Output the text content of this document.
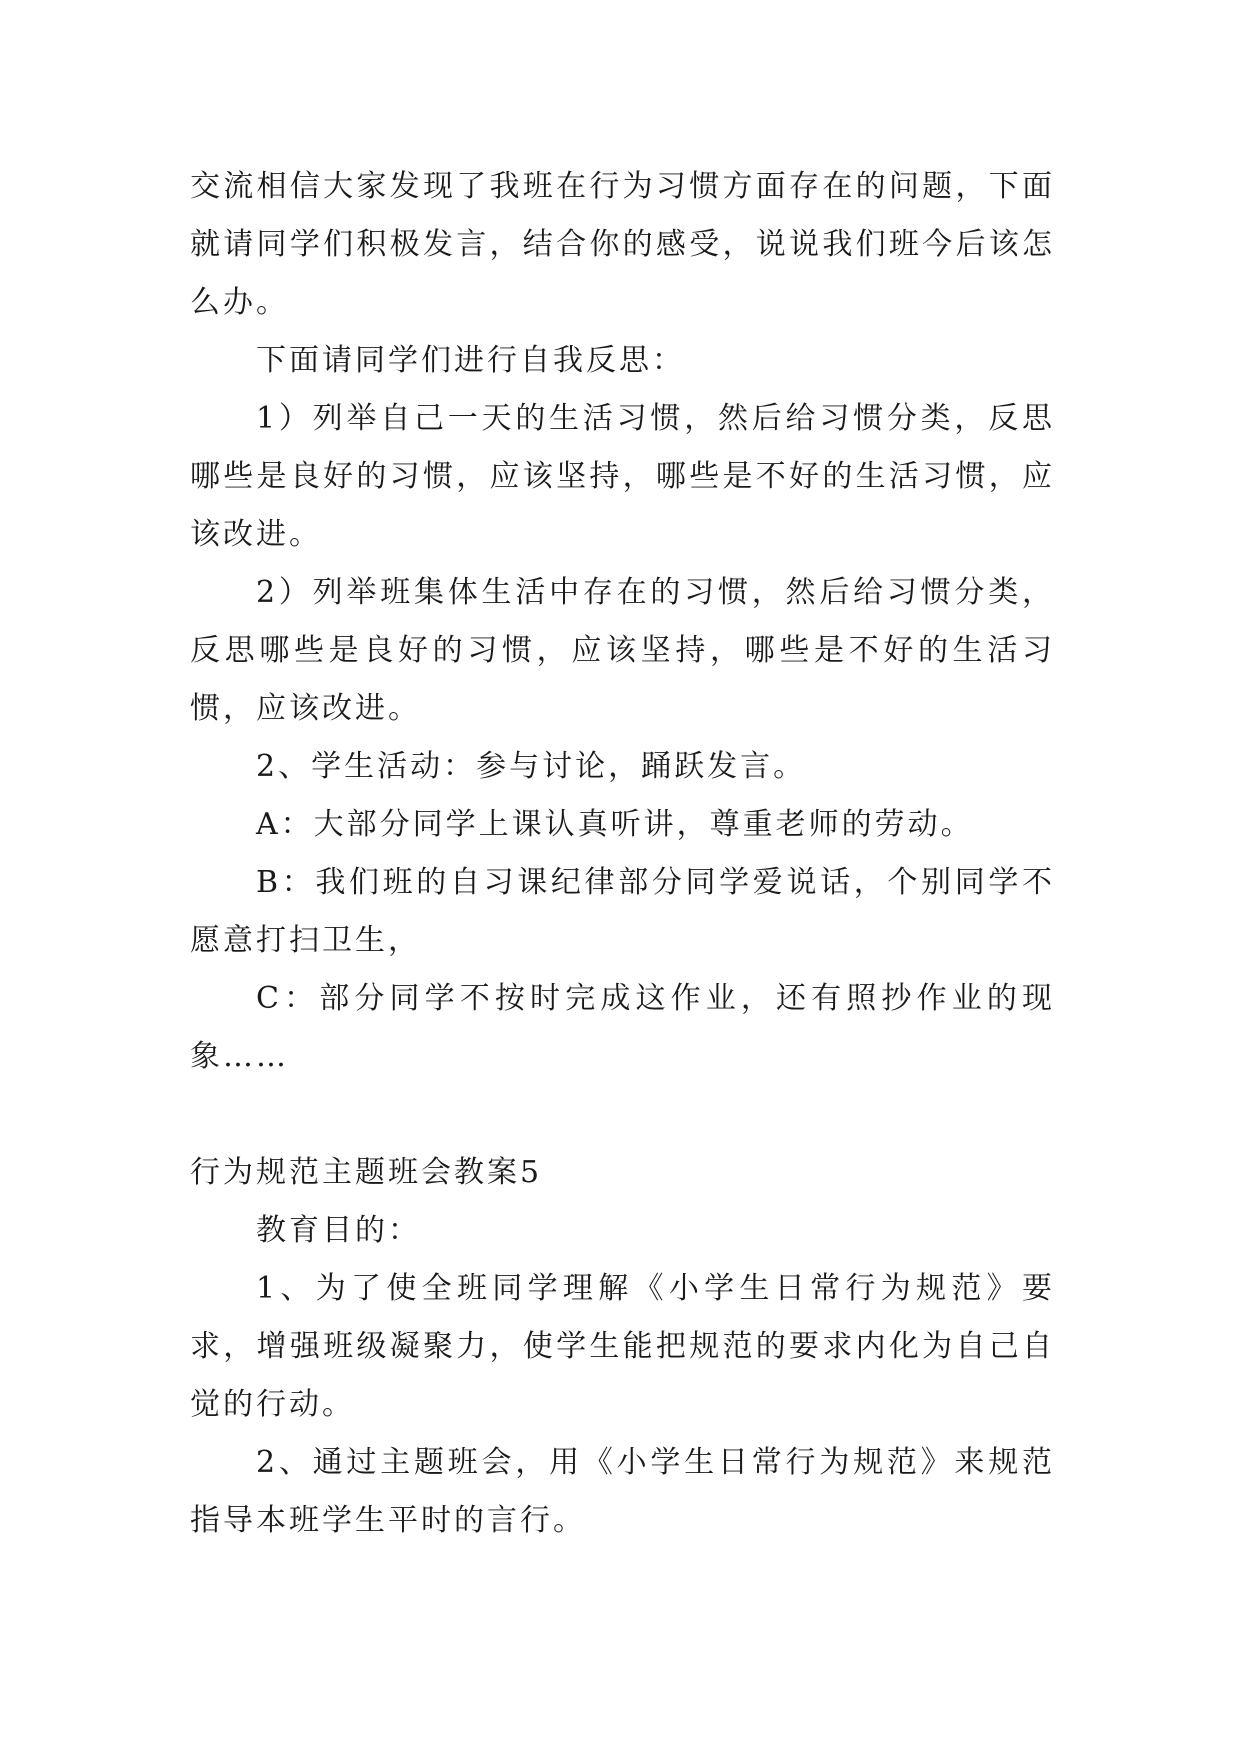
交流相信大家发现了我班在行为习惯方面存在的问题，下面就请同学们积极发言，结合你的感受，说说我们班今后该怎么办。

下面请同学们进行自我反思：

1）列举自己一天的生活习惯，然后给习惯分类，反思哪些是良好的习惯，应该坚持，哪些是不好的生活习惯，应该改进。

2）列举班集体生活中存在的习惯，然后给习惯分类，反思哪些是良好的习惯，应该坚持，哪些是不好的生活习惯，应该改进。

2、学生活动：参与讨论，踊跃发言。

A：大部分同学上课认真听讲，尊重老师的劳动。

B：我们班的自习课纪律部分同学爱说话，个别同学不愿意打扫卫生，

C：部分同学不按时完成这作业，还有照抄作业的现象……

行为规范主题班会教案5

教育目的：

1、为了使全班同学理解《小学生日常行为规范》要求，增强班级凝聚力，使学生能把规范的要求内化为自己自觉的行动。

2、通过主题班会，用《小学生日常行为规范》来规范指导本班学生平时的言行。
